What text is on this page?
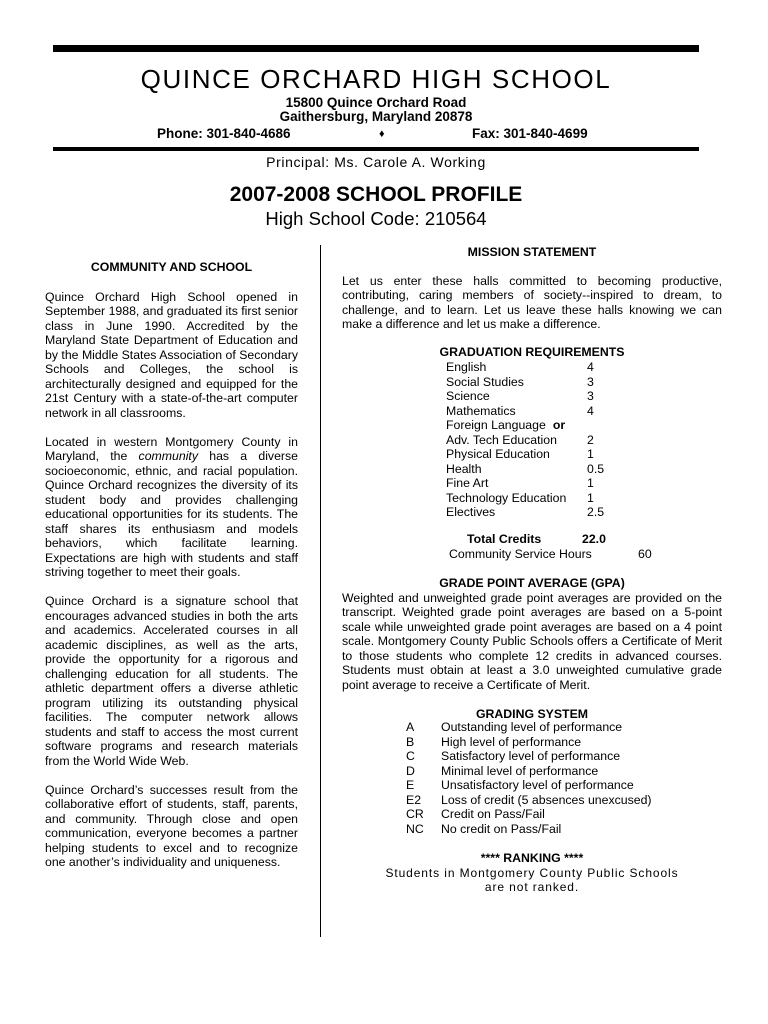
QUINCE ORCHARD HIGH SCHOOL
15800 Quince Orchard Road
Gaithersburg, Maryland 20878
Phone: 301-840-4686	♦	Fax: 301-840-4699
Principal: Ms. Carole A. Working
2007-2008 SCHOOL PROFILE
High School Code: 210564
COMMUNITY AND SCHOOL

Quince Orchard High School opened in September 1988, and graduated its first senior class in June 1990. Accredited by the Maryland State Department of Education and by the Middle States Association of Secondary Schools and Colleges, the school is architecturally designed and equipped for the 21st Century with a state-of-the-art computer network in all classrooms.

Located in western Montgomery County in Maryland, the community has a diverse socioeconomic, ethnic, and racial population. Quince Orchard recognizes the diversity of its student body and provides challenging educational opportunities for its students. The staff shares its enthusiasm and models behaviors, which facilitate learning. Expectations are high with students and staff striving together to meet their goals.

Quince Orchard is a signature school that encourages advanced studies in both the arts and academics. Accelerated courses in all academic disciplines, as well as the arts, provide the opportunity for a rigorous and challenging education for all students. The athletic department offers a diverse athletic program utilizing its outstanding physical facilities. The computer network allows students and staff to access the most current software programs and research materials from the World Wide Web.

Quince Orchard’s successes result from the collaborative effort of students, staff, parents, and community. Through close and open communication, everyone becomes a partner helping students to excel and to recognize one another’s individuality and uniqueness.

MISSION STATEMENT

Let us enter these halls committed to becoming productive, contributing, caring members of society--inspired to dream, to challenge, and to learn. Let us leave these halls knowing we can make a difference and let us make a difference.

GRADUATION REQUIREMENTS
English	4
Social Studies	3
Science	3
Mathematics	4
Foreign Language or
Adv. Tech Education 2
Physical Education	1
Health	0.5
Fine Art	1
Technology Education 1
Electives	2.5
Total Credits	22.0
Community Service Hours	60
GRADE POINT AVERAGE (GPA)

Weighted and unweighted grade point averages are provided on the transcript. Weighted grade point averages are based on a 5-point scale while unweighted grade point averages are based on a 4 point scale. Montgomery County Public Schools offers a Certificate of Merit to those students who complete 12 credits in advanced courses. Students must obtain at least a 3.0 unweighted cumulative grade point average to receive a Certificate of Merit.

GRADING SYSTEM
A Outstanding level of performance
B High level of performance
C Satisfactory level of performance
D Minimal level of performance
E Unsatisfactory level of performance
E2 Loss of credit (5 absences unexcused)
CR Credit on Pass/Fail
NC No credit on Pass/Fail
**** RANKING ****
Students in Montgomery County Public Schools
are not ranked.
